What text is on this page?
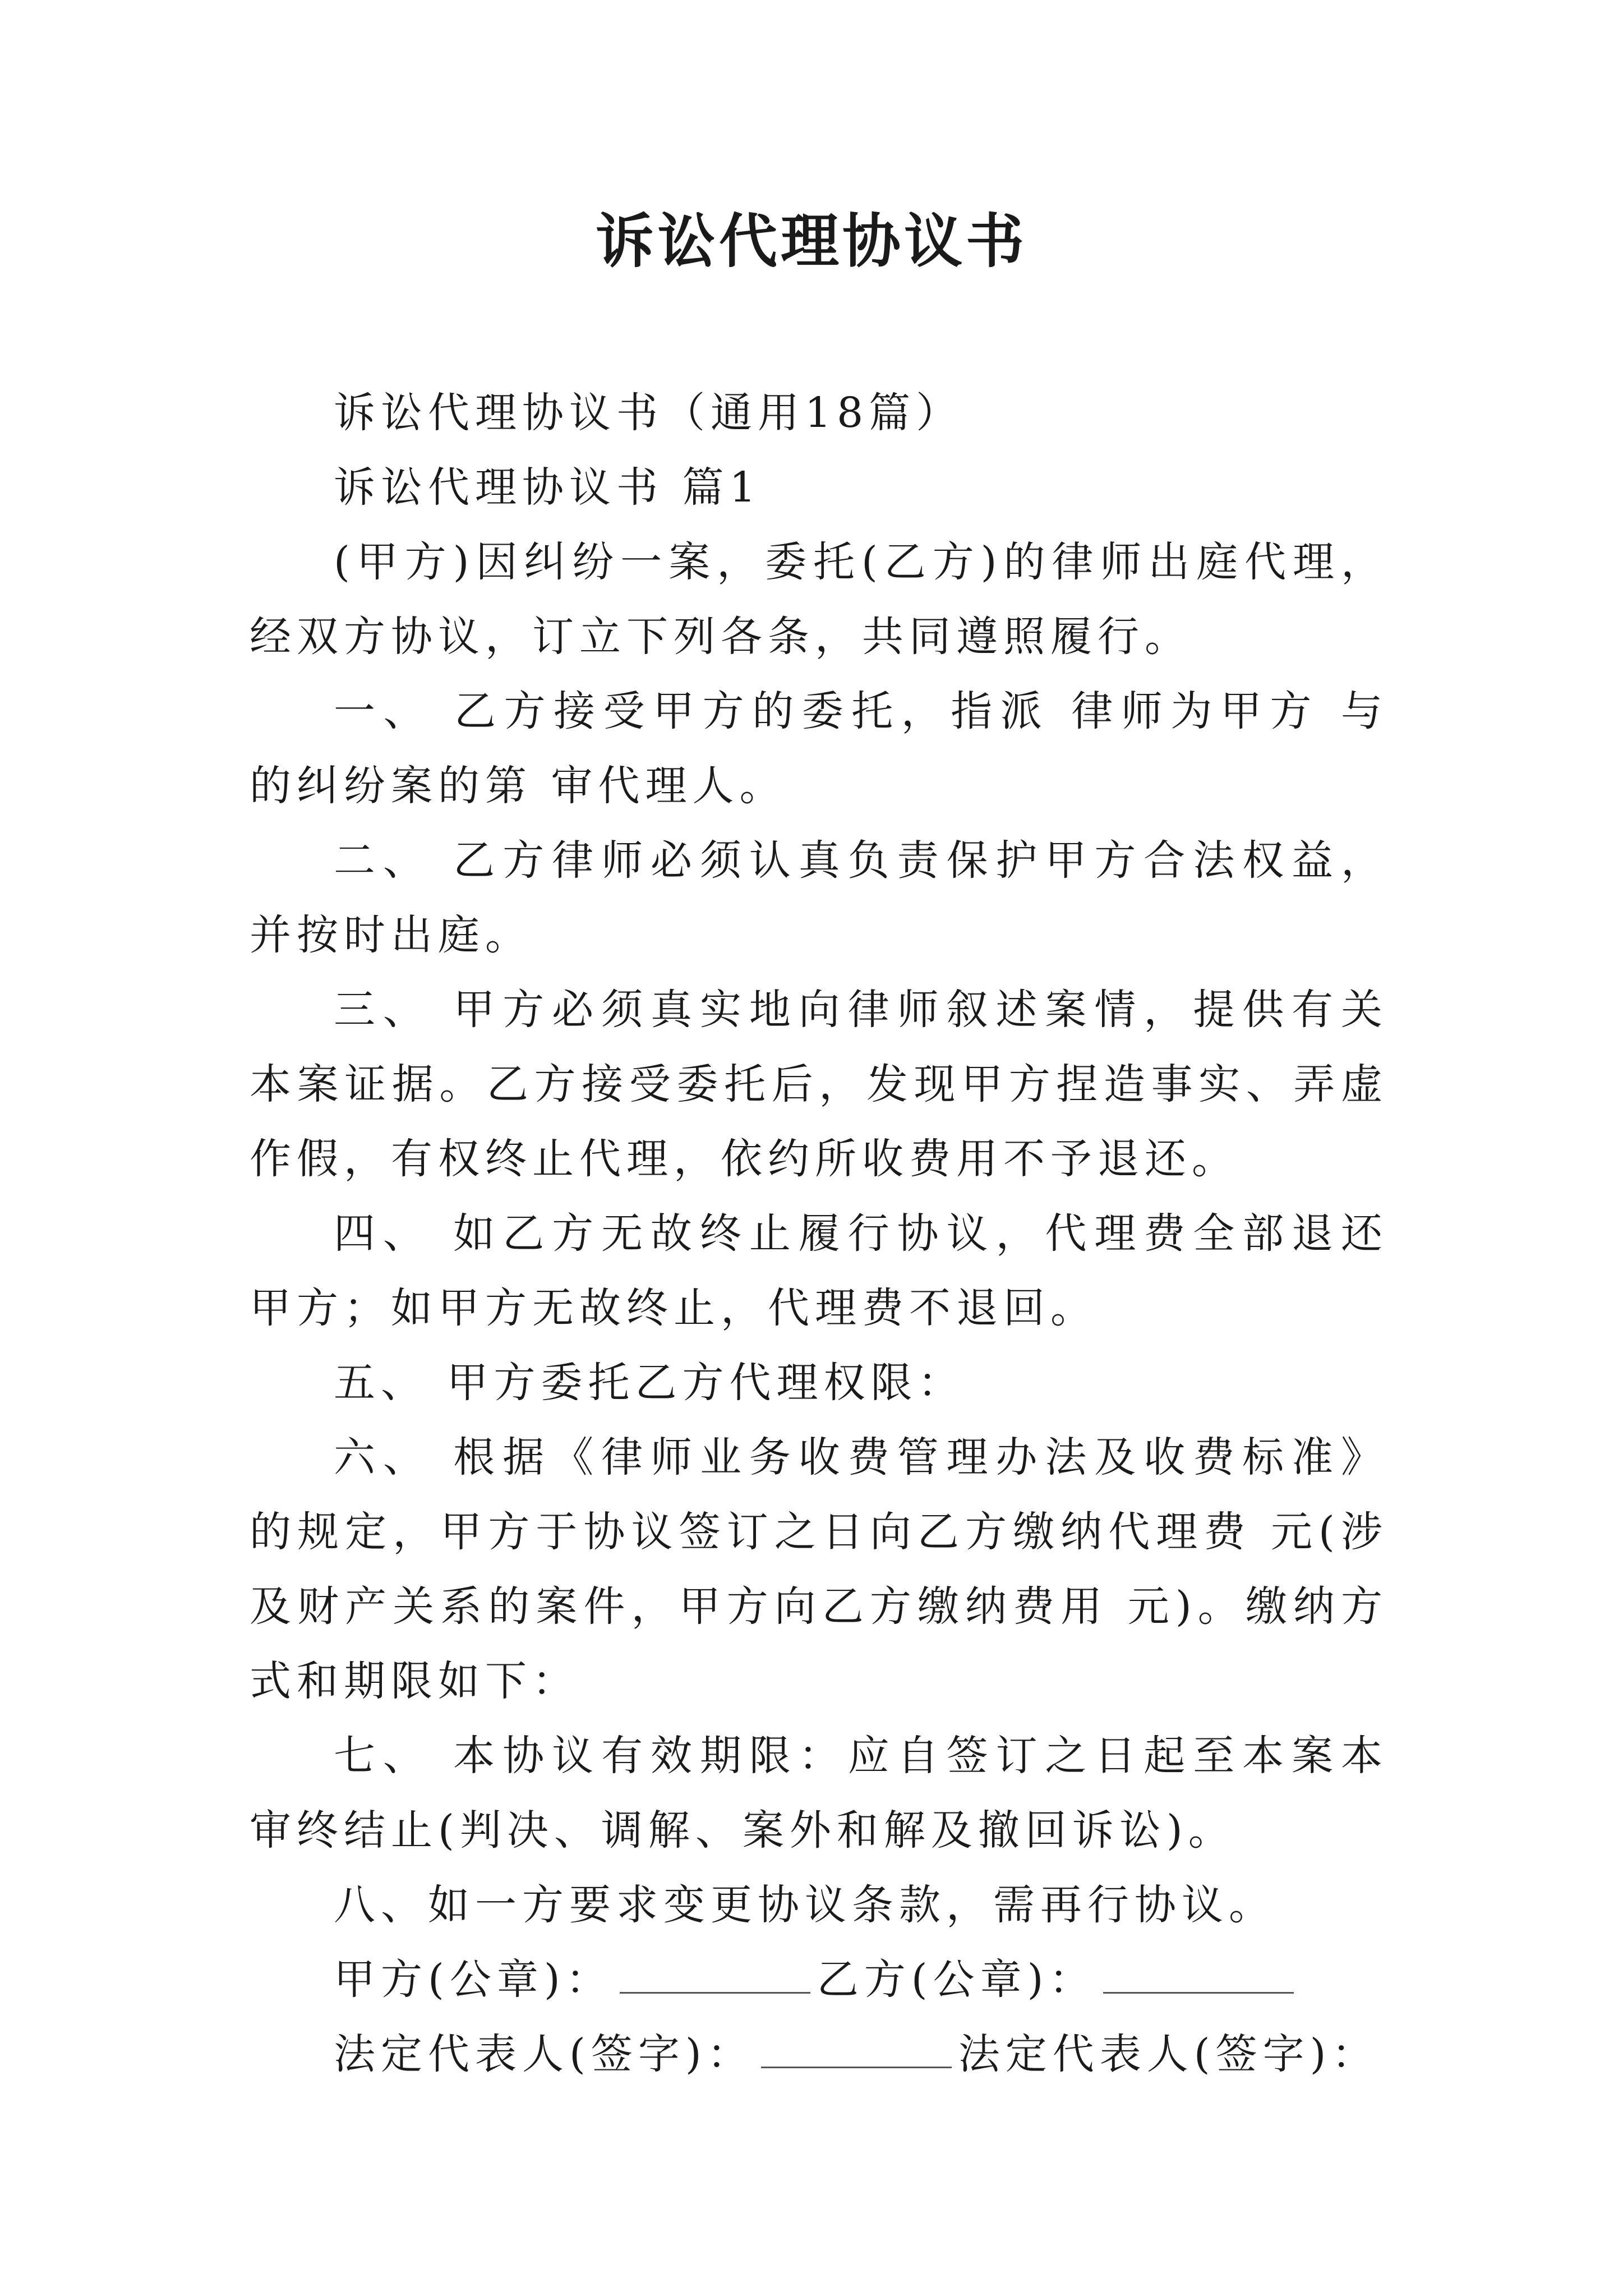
诉讼代理协议书

诉讼代理协议书（通用18篇）

诉讼代理协议书 篇1

(甲方)因纠纷一案，委托(乙方)的律师出庭代理，经双方协议，订立下列各条，共同遵照履行。

一、 乙方接受甲方的委托，指派 律师为甲方 与 的纠纷案的第 审代理人。

二、 乙方律师必须认真负责保护甲方合法权益，并按时出庭。

三、 甲方必须真实地向律师叙述案情，提供有关本案证据。乙方接受委托后，发现甲方捏造事实、弄虚作假，有权终止代理，依约所收费用不予退还。

四、 如乙方无故终止履行协议，代理费全部退还甲方；如甲方无故终止，代理费不退回。

五、 甲方委托乙方代理权限：

六、 根据《律师业务收费管理办法及收费标准》的规定，甲方于协议签订之日向乙方缴纳代理费 元(涉及财产关系的案件，甲方向乙方缴纳费用 元)。缴纳方式和期限如下：

七、 本协议有效期限：应自签订之日起至本案本审终结止(判决、调解、案外和解及撤回诉讼)。

八、如一方要求变更协议条款，需再行协议。

甲方(公章)：	乙方(公章)：
法定代表人(签字)：	法定代表人(签字)：
